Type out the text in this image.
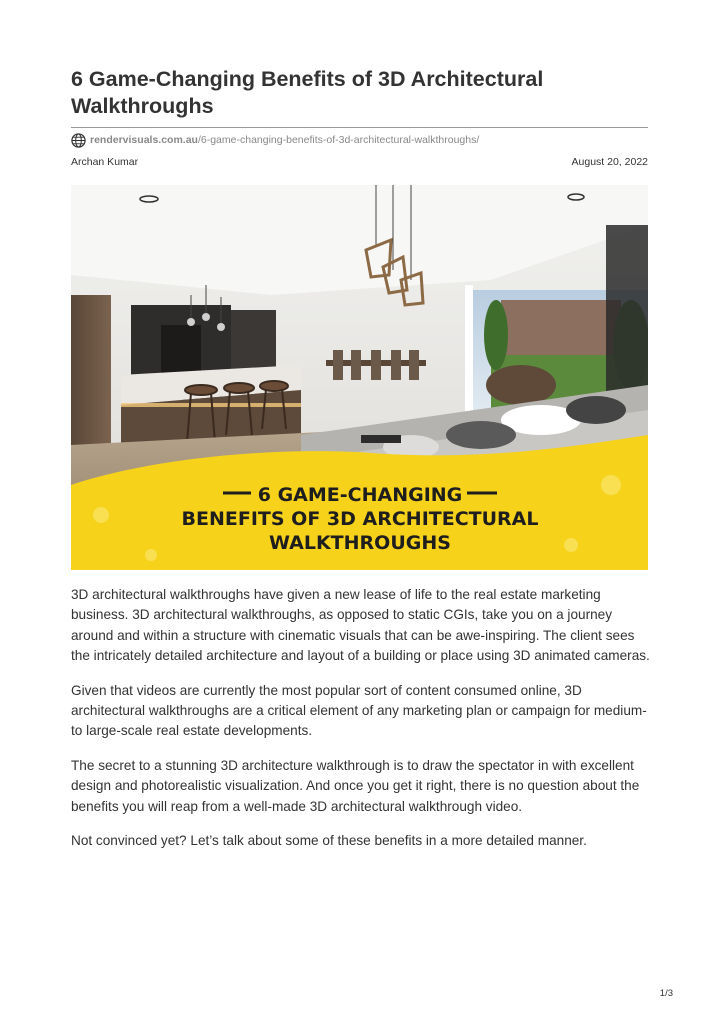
6 Game-Changing Benefits of 3D Architectural Walkthroughs
rendervisuals.com.au /6-game-changing-benefits-of-3d-architectural-walkthroughs/
Archan Kumar	August 20, 2022
6 GAME-CHANGING
BENEFITS OF 3D ARCHITECTURAL
WALKTHROUGHS

3D architectural walkthroughs have given a new lease of life to the real estate marketing business. 3D architectural walkthroughs, as opposed to static CGIs, take you on a journey around and within a structure with cinematic visuals that can be awe-inspiring. The client sees the intricately detailed architecture and layout of a building or place using 3D animated cameras.

Given that videos are currently the most popular sort of content consumed online, 3D architectural walkthroughs are a critical element of any marketing plan or campaign for medium- to large-scale real estate developments.

The secret to a stunning 3D architecture walkthrough is to draw the spectator in with excellent design and photorealistic visualization. And once you get it right, there is no question about the benefits you will reap from a well-made 3D architectural walkthrough video.

Not convinced yet? Let’s talk about some of these benefits in a more detailed manner.

1/3
